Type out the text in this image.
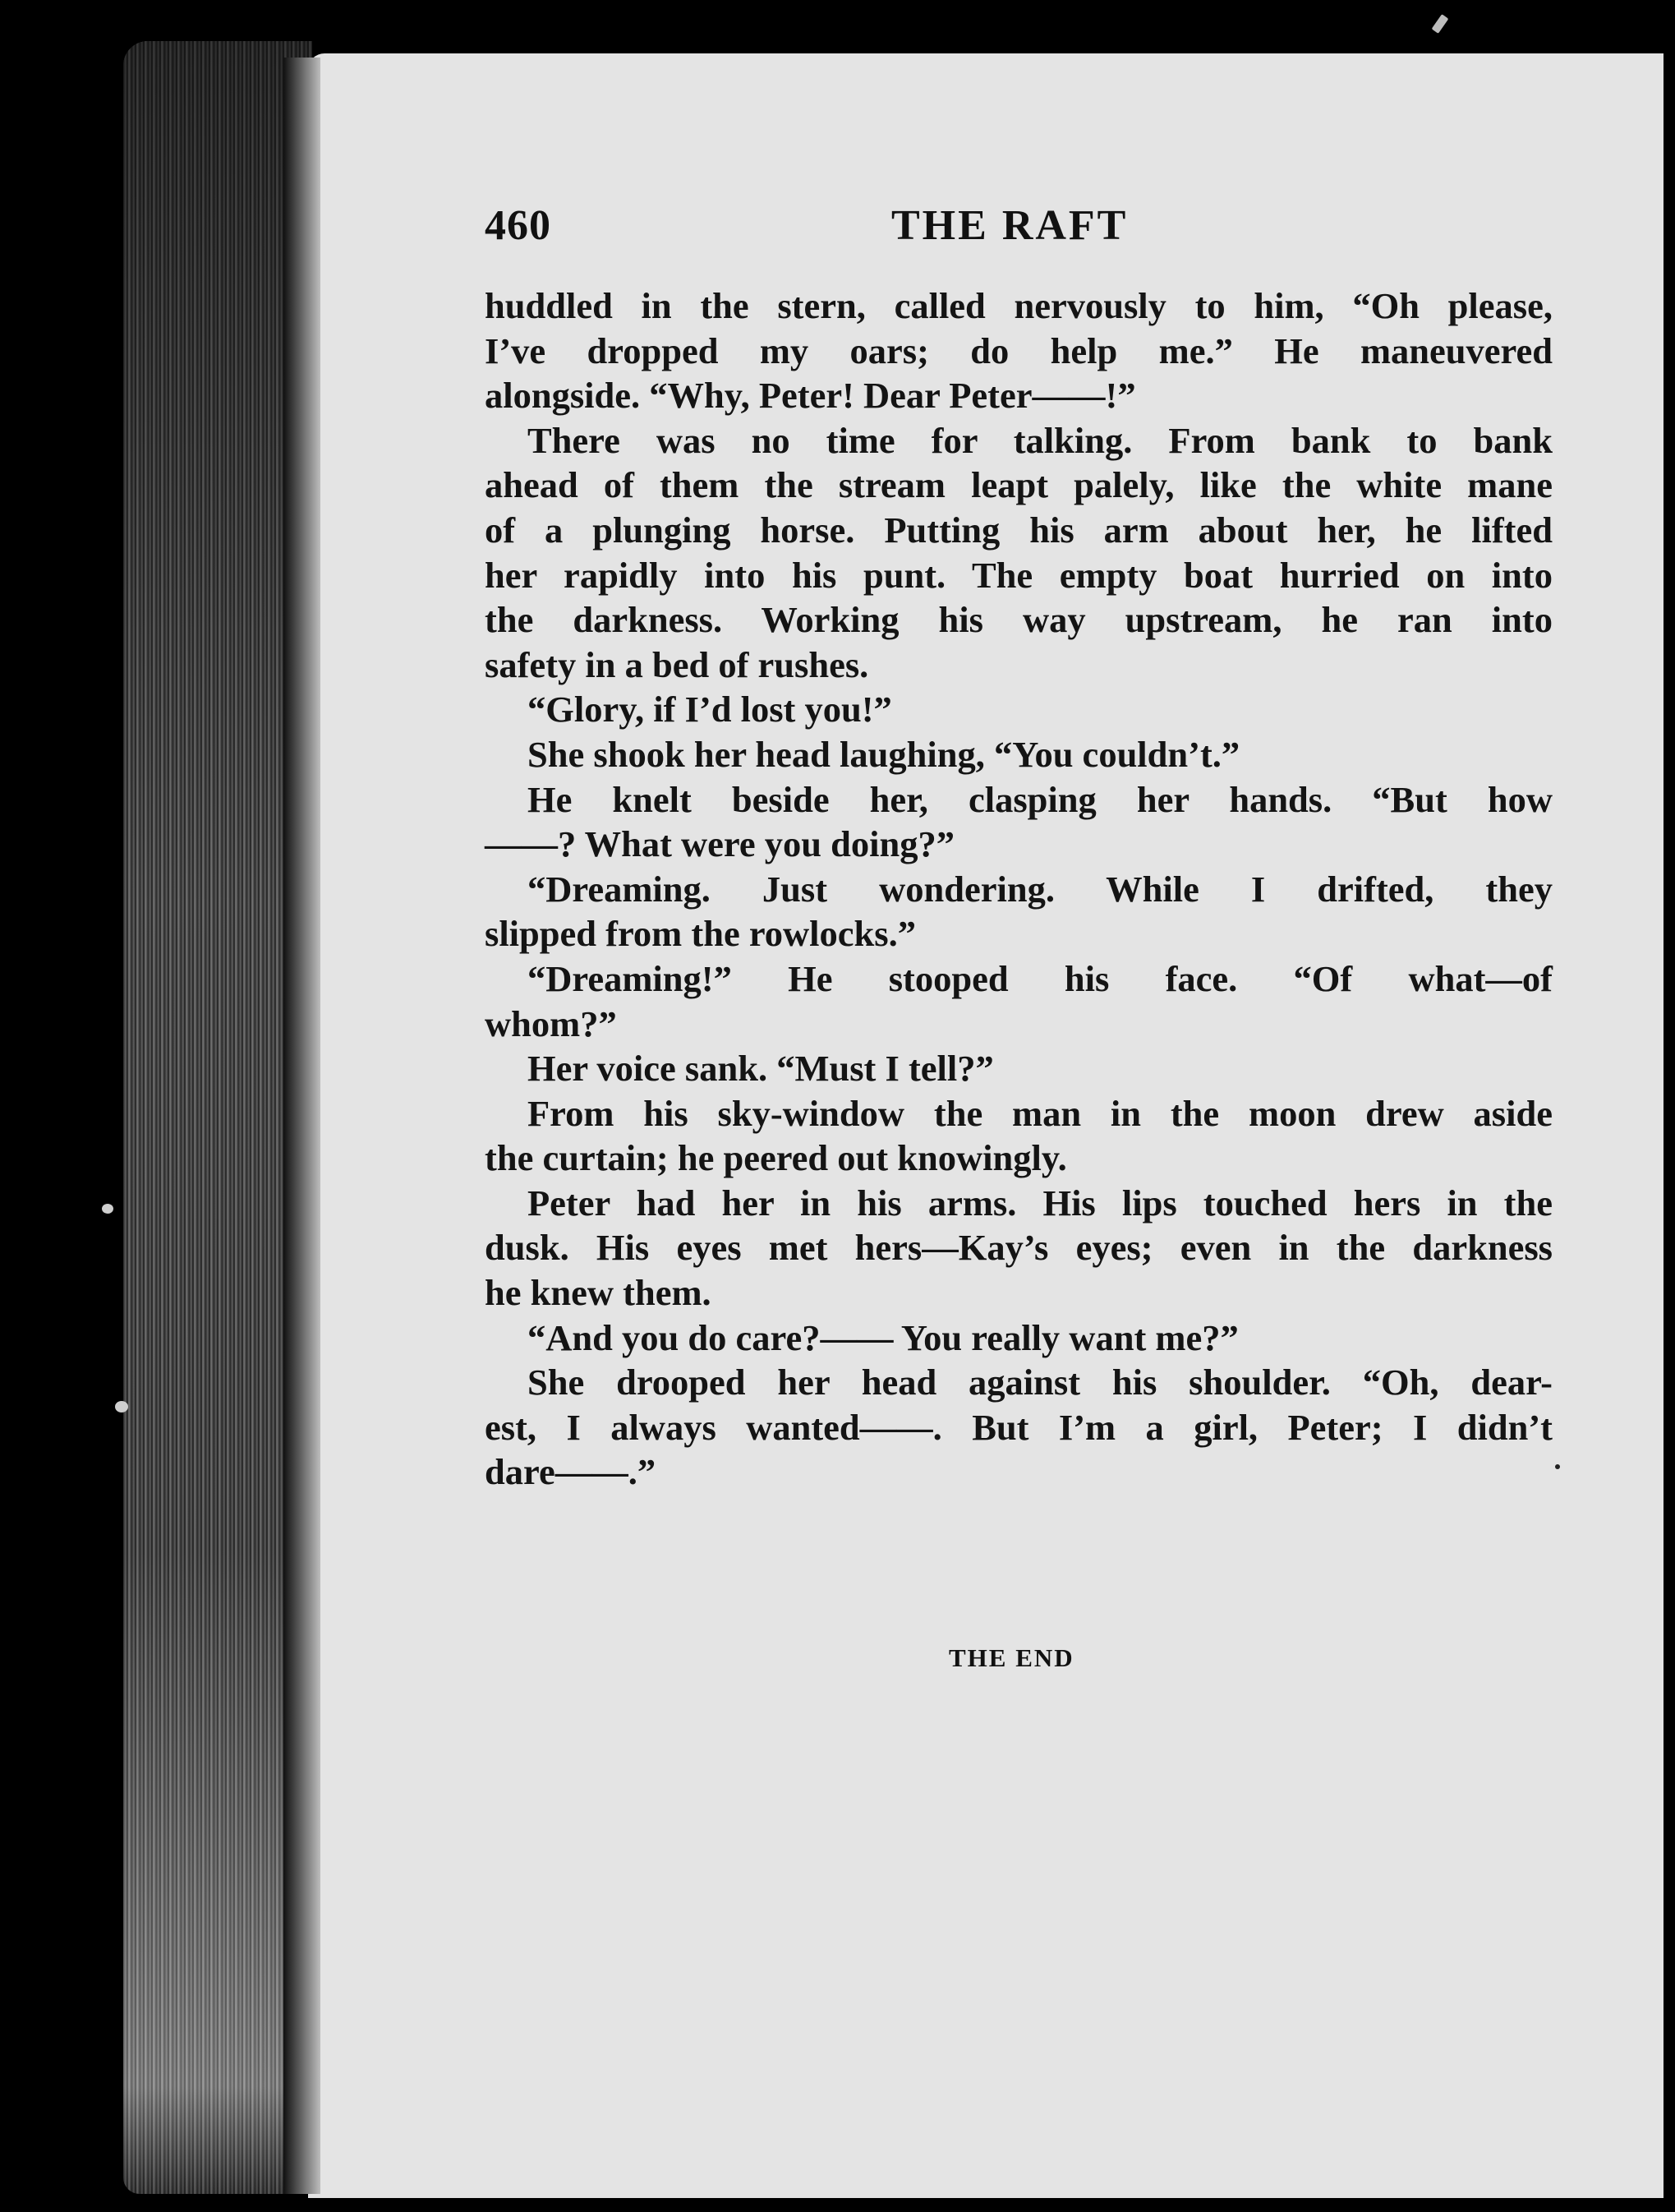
460	THE RAFT
huddled in the stern, called nervously to him, “Oh please,
I’ve dropped my oars; do help me.” He maneuvered
alongside. “Why, Peter! Dear Peter——!”
There was no time for talking. From bank to bank
ahead of them the stream leapt palely, like the white mane
of a plunging horse. Putting his arm about her, he lifted
her rapidly into his punt. The empty boat hurried on into
the darkness. Working his way upstream, he ran into
safety in a bed of rushes.
“Glory, if I’d lost you!”
She shook her head laughing, “You couldn’t.”
He knelt beside her, clasping her hands. “But how
——? What were you doing?”
“Dreaming. Just wondering. While I drifted, they
slipped from the rowlocks.”
“Dreaming!” He stooped his face. “Of what—of
whom?”
Her voice sank. “Must I tell?”
From his sky-window the man in the moon drew aside
the curtain; he peered out knowingly.
Peter had her in his arms. His lips touched hers in the
dusk. His eyes met hers—Kay’s eyes; even in the darkness
he knew them.
“And you do care?—— You really want me?”
She drooped her head against his shoulder. “Oh, dear-
est, I always wanted——. But I’m a girl, Peter; I didn’t
dare——.”
THE END
